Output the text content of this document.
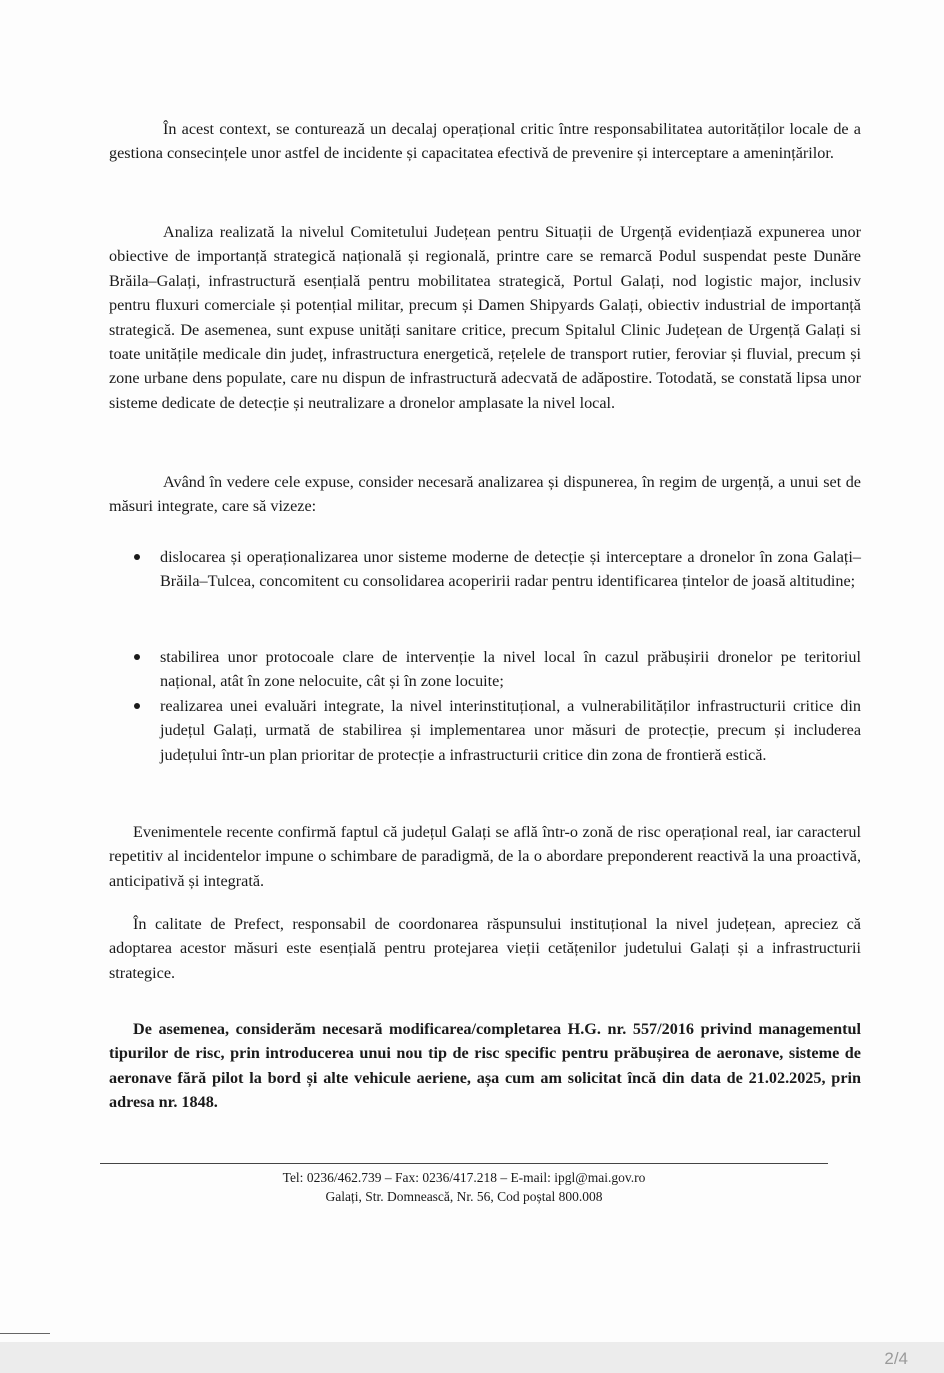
În acest context, se conturează un decalaj operațional critic între responsabilitatea autorităților locale de a gestiona consecințele unor astfel de incidente și capacitatea efectivă de prevenire și interceptare a amenințărilor.

Analiza realizată la nivelul Comitetului Județean pentru Situații de Urgență evidențiază expunerea unor obiective de importanță strategică națională și regională, printre care se remarcă Podul suspendat peste Dunăre Brăila–Galați, infrastructură esențială pentru mobilitatea strategică, Portul Galați, nod logistic major, inclusiv pentru fluxuri comerciale și potențial militar, precum și Damen Shipyards Galați, obiectiv industrial de importanță strategică. De asemenea, sunt expuse unități sanitare critice, precum Spitalul Clinic Județean de Urgență Galați si toate unitățile medicale din județ, infrastructura energetică, rețelele de transport rutier, feroviar și fluvial, precum și zone urbane dens populate, care nu dispun de infrastructură adecvată de adăpostire. Totodată, se constată lipsa unor sisteme dedicate de detecție și neutralizare a dronelor amplasate la nivel local.

Având în vedere cele expuse, consider necesară analizarea și dispunerea, în regim de urgență, a unui set de măsuri integrate, care să vizeze:

dislocarea și operaționalizarea unor sisteme moderne de detecție și interceptare a dronelor în zona Galați–Brăila–Tulcea, concomitent cu consolidarea acoperirii radar pentru identificarea țintelor de joasă altitudine;
stabilirea unor protocoale clare de intervenție la nivel local în cazul prăbușirii dronelor pe teritoriul național, atât în zone nelocuite, cât și în zone locuite;
realizarea unei evaluări integrate, la nivel interinstituțional, a vulnerabilităților infrastructurii critice din județul Galați, urmată de stabilirea și implementarea unor măsuri de protecție, precum și includerea județului într-un plan prioritar de protecție a infrastructurii critice din zona de frontieră estică.

Evenimentele recente confirmă faptul că județul Galați se află într-o zonă de risc operațional real, iar caracterul repetitiv al incidentelor impune o schimbare de paradigmă, de la o abordare preponderent reactivă la una proactivă, anticipativă și integrată.

În calitate de Prefect, responsabil de coordonarea răspunsului instituțional la nivel județean, apreciez că adoptarea acestor măsuri este esențială pentru protejarea vieții cetățenilor judetului Galați și a infrastructurii strategice.

De asemenea, considerăm necesară modificarea/completarea H.G. nr. 557/2016 privind managementul tipurilor de risc, prin introducerea unui nou tip de risc specific pentru prăbușirea de aeronave, sisteme de aeronave fără pilot la bord și alte vehicule aeriene, așa cum am solicitat încă din data de 21.02.2025, prin adresa nr. 1848.

Tel: 0236/462.739 – Fax: 0236/417.218 – E-mail: ipgl@mai.gov.ro
Galați, Str. Domnească, Nr. 56, Cod poștal 800.008
2/4
